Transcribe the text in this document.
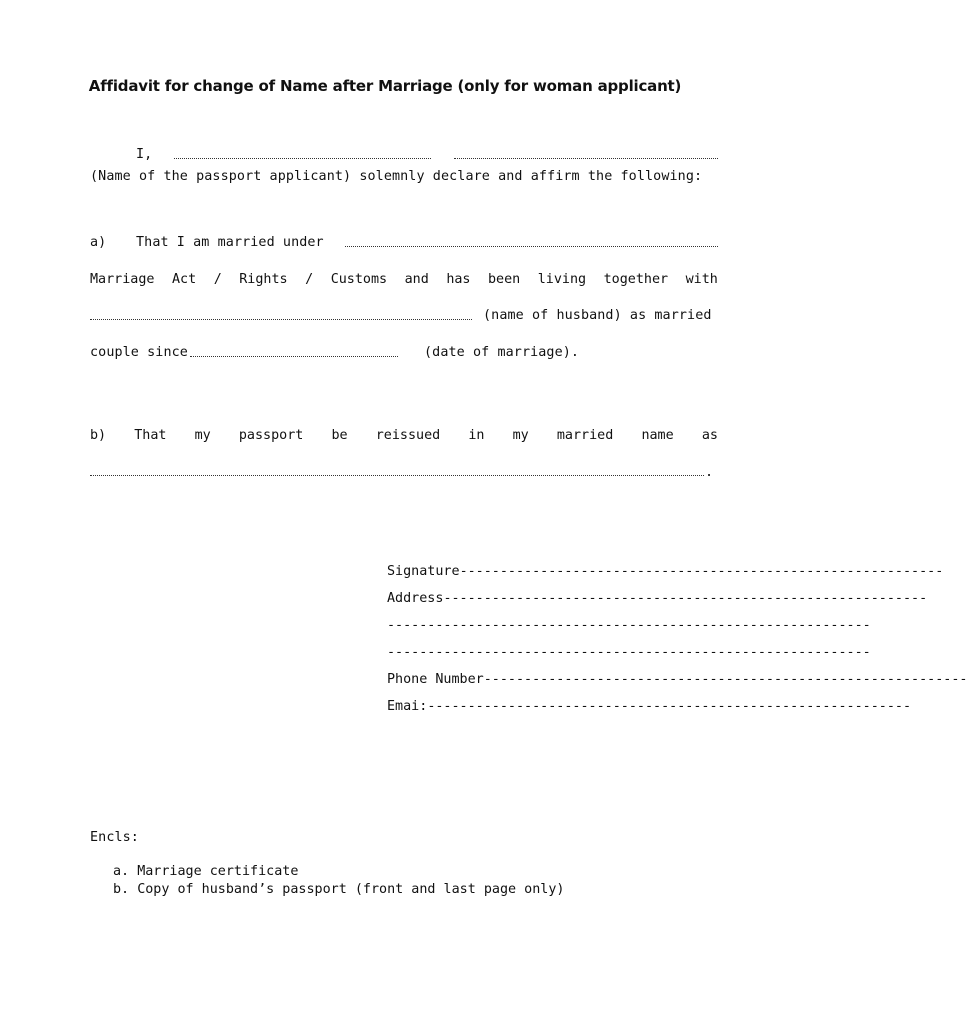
Affidavit for change of Name after Marriage (only for woman applicant)
I,
(Name of the passport applicant) solemnly declare and affirm the following:
a) That I am married under
Marriage Act / Rights / Customs and has been living together with
(name of husband) as married
couple since	(date of marriage).
b) That my passport be reissued in my married name as
.
Signature ------------------------------------------------------------
Address ------------------------------------------------------------
------------------------------------------------------------
------------------------------------------------------------
Phone Number ------------------------------------------------------------
Emai: ------------------------------------------------------------
Encls:
a. Marriage certificate
b. Copy of husband’s passport (front and last page only)
